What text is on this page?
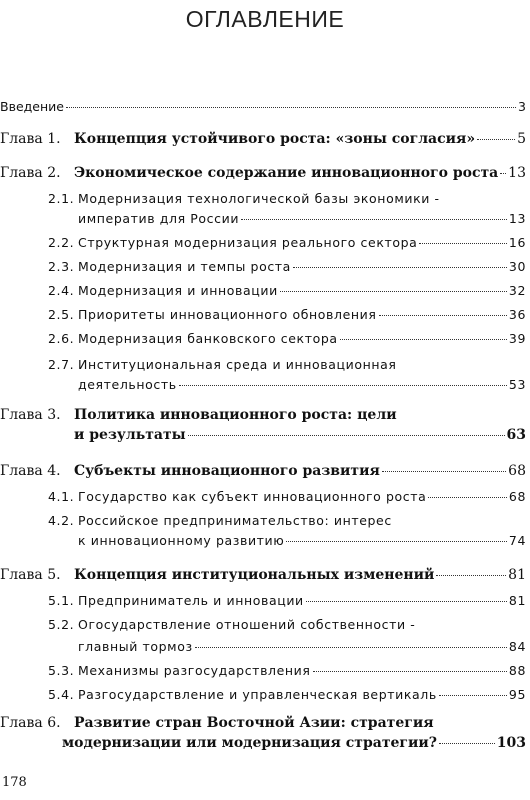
ОГЛАВЛЕНИЕ
Введение	3
Глава 1. Концепция устойчивого роста: «зоны согласия»	5
Глава 2. Экономическое содержание инновационного роста 13
2.1. Модернизация технологической базы экономики -
императив для России	13
2.2. Структурная модернизация реального сектора	16
2.3. Модернизация и темпы роста	30
2.4. Модернизация и инновации	32
2.5. Приоритеты инновационного обновления	36
2.6. Модернизация банковского сектора	39
2.7. Институциональная среда и инновационная
деятельность	53
Глава 3. Политика инновационного роста: цели
и результаты	63
Глава 4. Субъекты инновационного развития	68
4.1. Государство как субъект инновационного роста	68
4.2. Российское предпринимательство: интерес
к инновационному развитию	74
Глава 5. Концепция институциональных изменений	81
5.1. Предприниматель и инновации	81
5.2. Огосударствление отношений собственности -
главный тормоз	84
5.3. Механизмы разгосударствления	88
5.4. Разгосударствление и управленческая вертикаль	95
Глава 6. Развитие стран Восточной Азии: стратегия
модернизации или модернизация стратегии?	103
178
